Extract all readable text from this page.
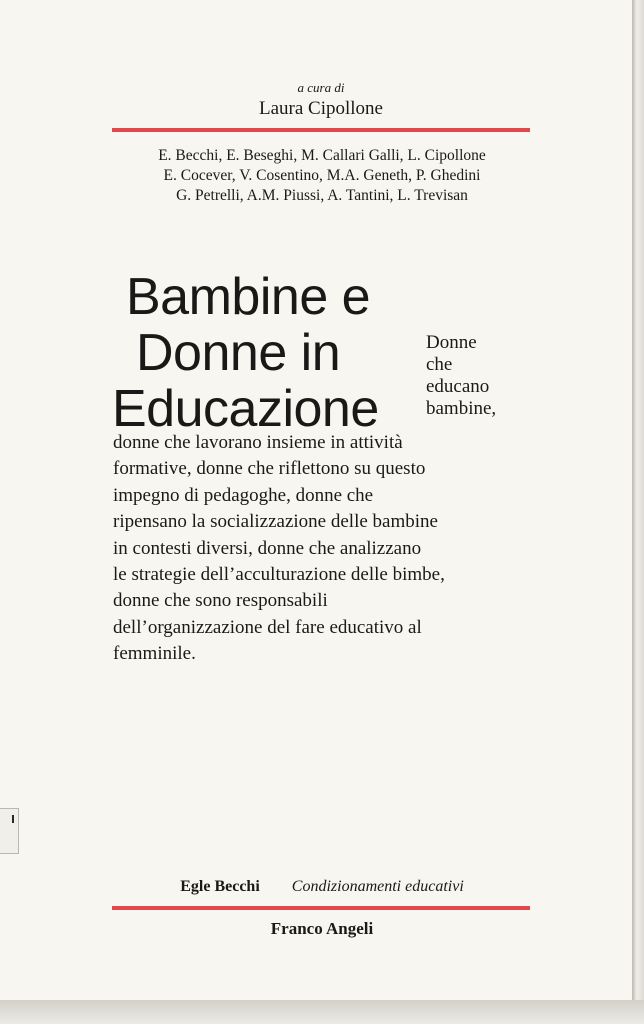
a cura di
Laura Cipollone
E. Becchi, E. Beseghi, M. Callari Galli, L. Cipollone
E. Cocever, V. Cosentino, M.A. Geneth, P. Ghedini
G. Petrelli, A.M. Piussi, A. Tantini, L. Trevisan
Bambine e
Donne in
Educazione
Donne
che
educano
bambine,
donne che lavorano insieme in attività
formative, donne che riflettono su questo
impegno di pedagoghe, donne che
ripensano la socializzazione delle bambine
in contesti diversi, donne che analizzano
le strategie dell’acculturazione delle bimbe,
donne che sono responsabili
dell’organizzazione del fare educativo al
femminile.
Egle Becchi Condizionamenti educativi
Franco Angeli
